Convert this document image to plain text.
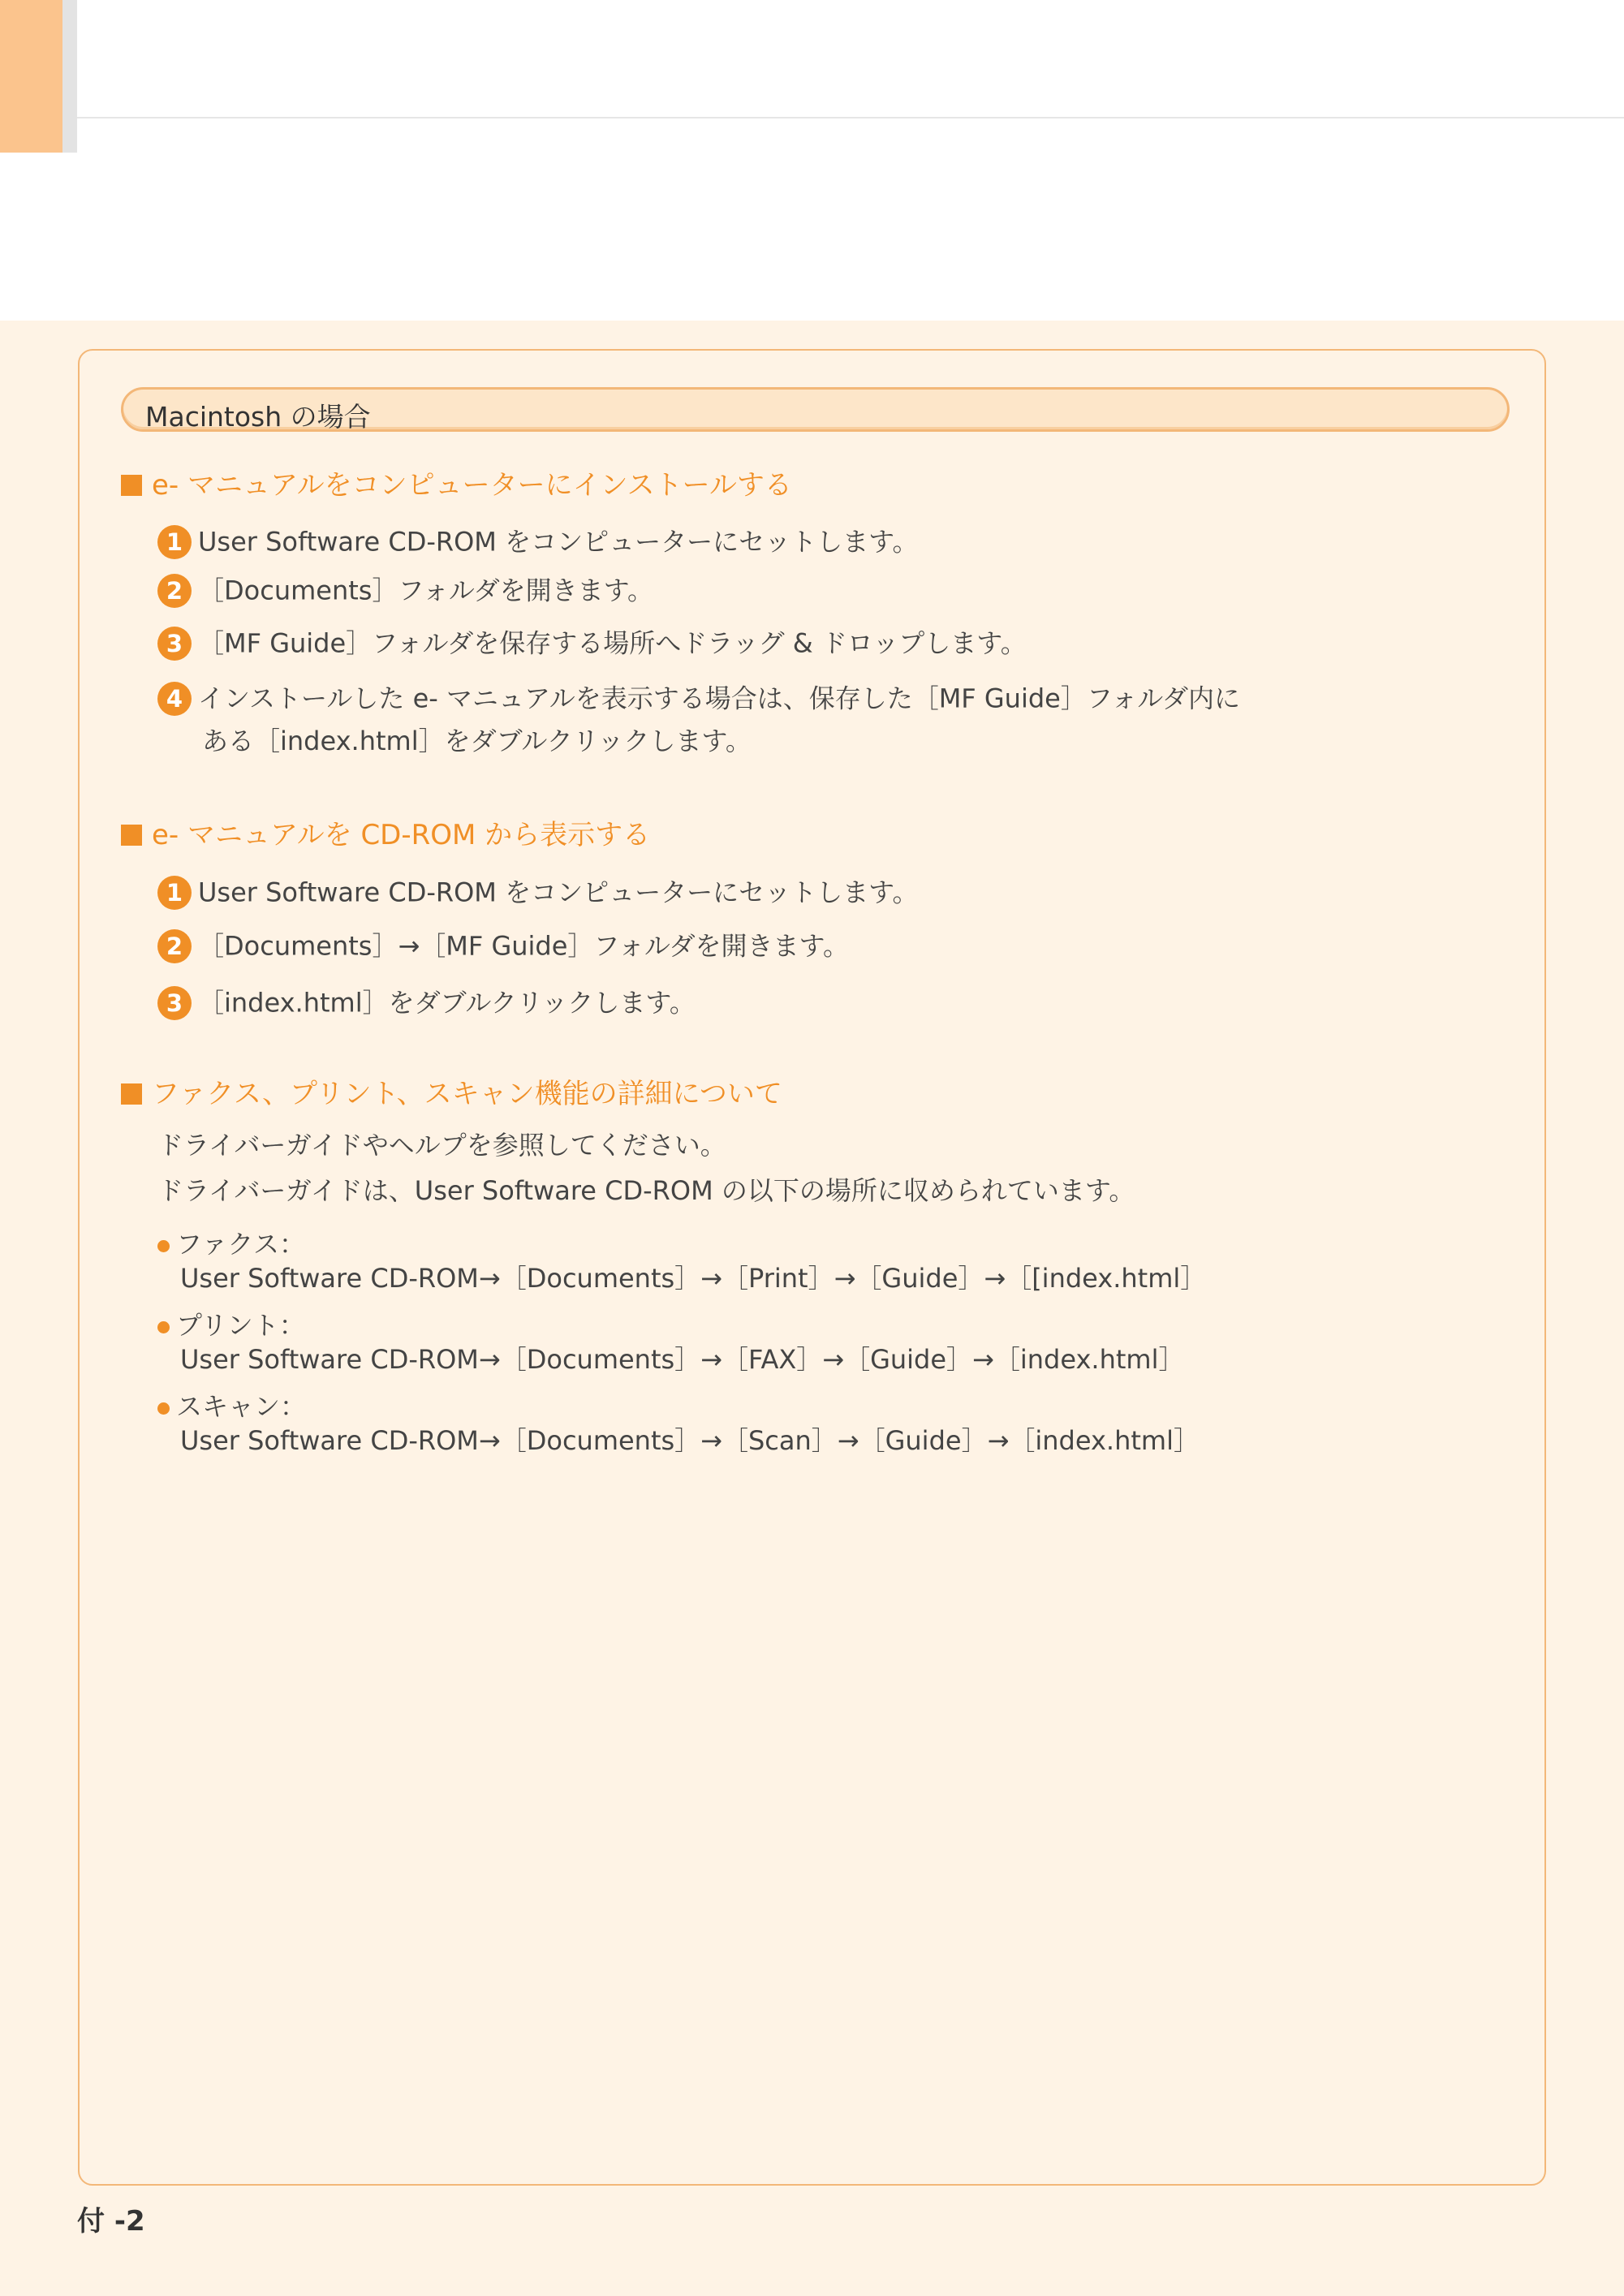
Macintosh の場合
e- マニュアルをコンピューターにインストールする
1 User Software CD-ROM をコンピューターにセットします。
2 ［Documents］フォルダを開きます。
3 ［MF Guide］フォルダを保存する場所へドラッグ & ドロップします。
4 インストールした e- マニュアルを表示する場合は、保存した［MF Guide］フォルダ内に
ある［index.html］をダブルクリックします。
e- マニュアルを CD-ROM から表示する
1 User Software CD-ROM をコンピューターにセットします。
2 ［Documents］→［MF Guide］フォルダを開きます。
3 ［index.html］をダブルクリックします。
ファクス、プリント、スキャン機能の詳細について
ドライバーガイドやヘルプを参照してください。
ドライバーガイドは、User Software CD-ROM の以下の場所に収められています。
ファクス：
User Software CD-ROM→［Documents］→［Print］→［Guide］→［[index.html］
プリント：
User Software CD-ROM→［Documents］→［FAX］→［Guide］→［index.html］
スキャン：
User Software CD-ROM→［Documents］→［Scan］→［Guide］→［index.html］
付 -2
